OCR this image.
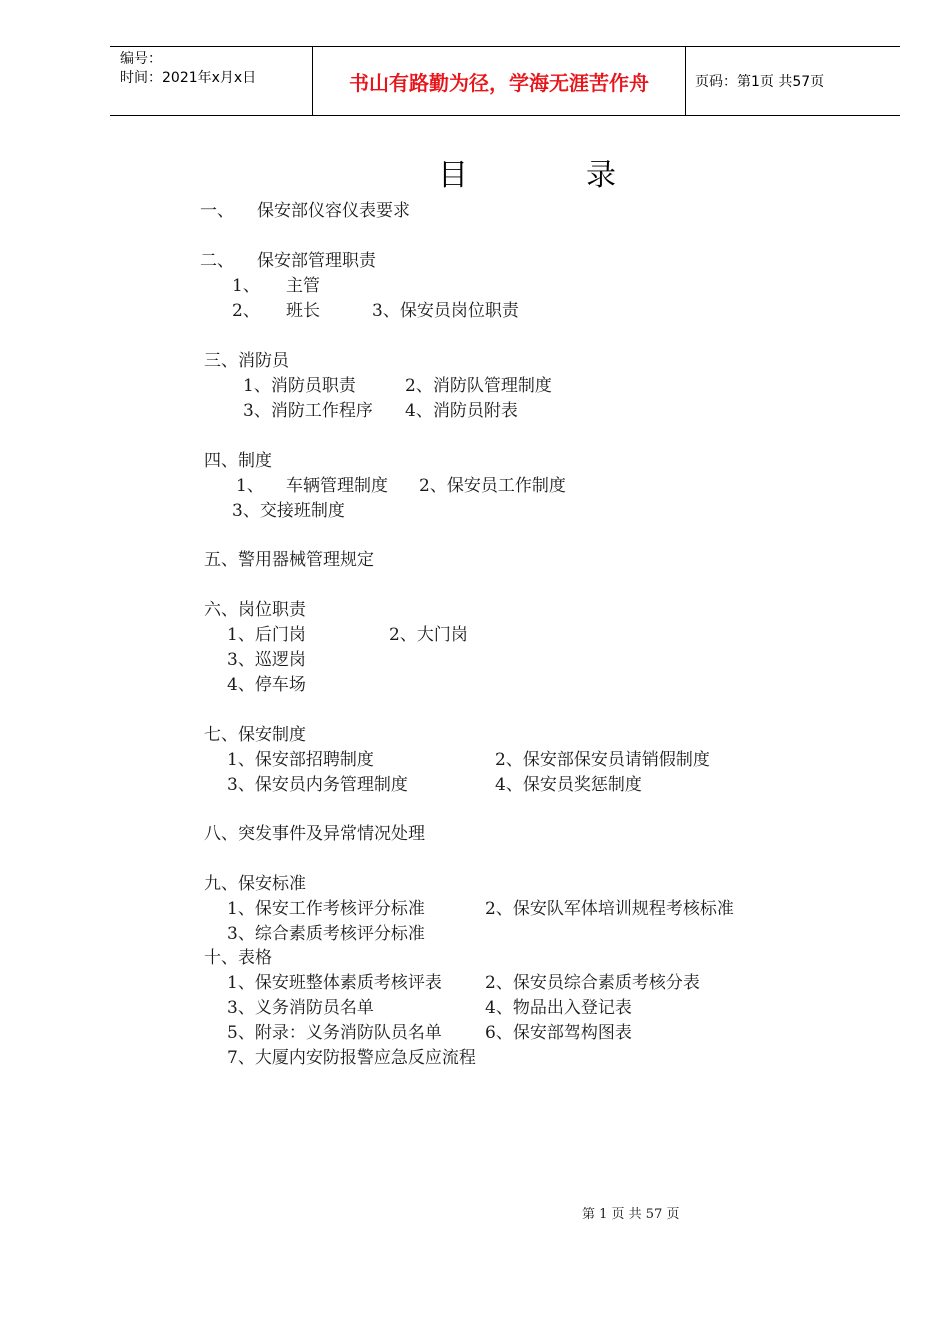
编号：
时间：2021年x月x日	书山有路勤为径，学海无涯苦作舟	页码：第1页 共57页
目录
一、 保安部仪容仪表要求
二、 保安部管理职责
1、 主管
2、 班长	3、保安员岗位职责
三、消防员
1、消防员职责	2、消防队管理制度
3、消防工作程序 4、消防员附表
四、制度
1、 车辆管理制度 2、保安员工作制度
3、交接班制度
五、警用器械管理规定
六、岗位职责
1、后门岗	2、大门岗
3、巡逻岗
4、停车场
七、保安制度
1、保安部招聘制度	2、保安部保安员请销假制度
3、保安员内务管理制度	4、保安员奖惩制度
八、突发事件及异常情况处理
九、保安标准
1、保安工作考核评分标准	2、保安队军体培训规程考核标准
3、综合素质考核评分标准
十、表格
1、保安班整体素质考核评表	2、保安员综合素质考核分表
3、义务消防员名单	4、物品出入登记表
5、附录：义务消防队员名单	6、保安部驾构图表
7、大厦内安防报警应急反应流程
第 1 页 共 57 页
